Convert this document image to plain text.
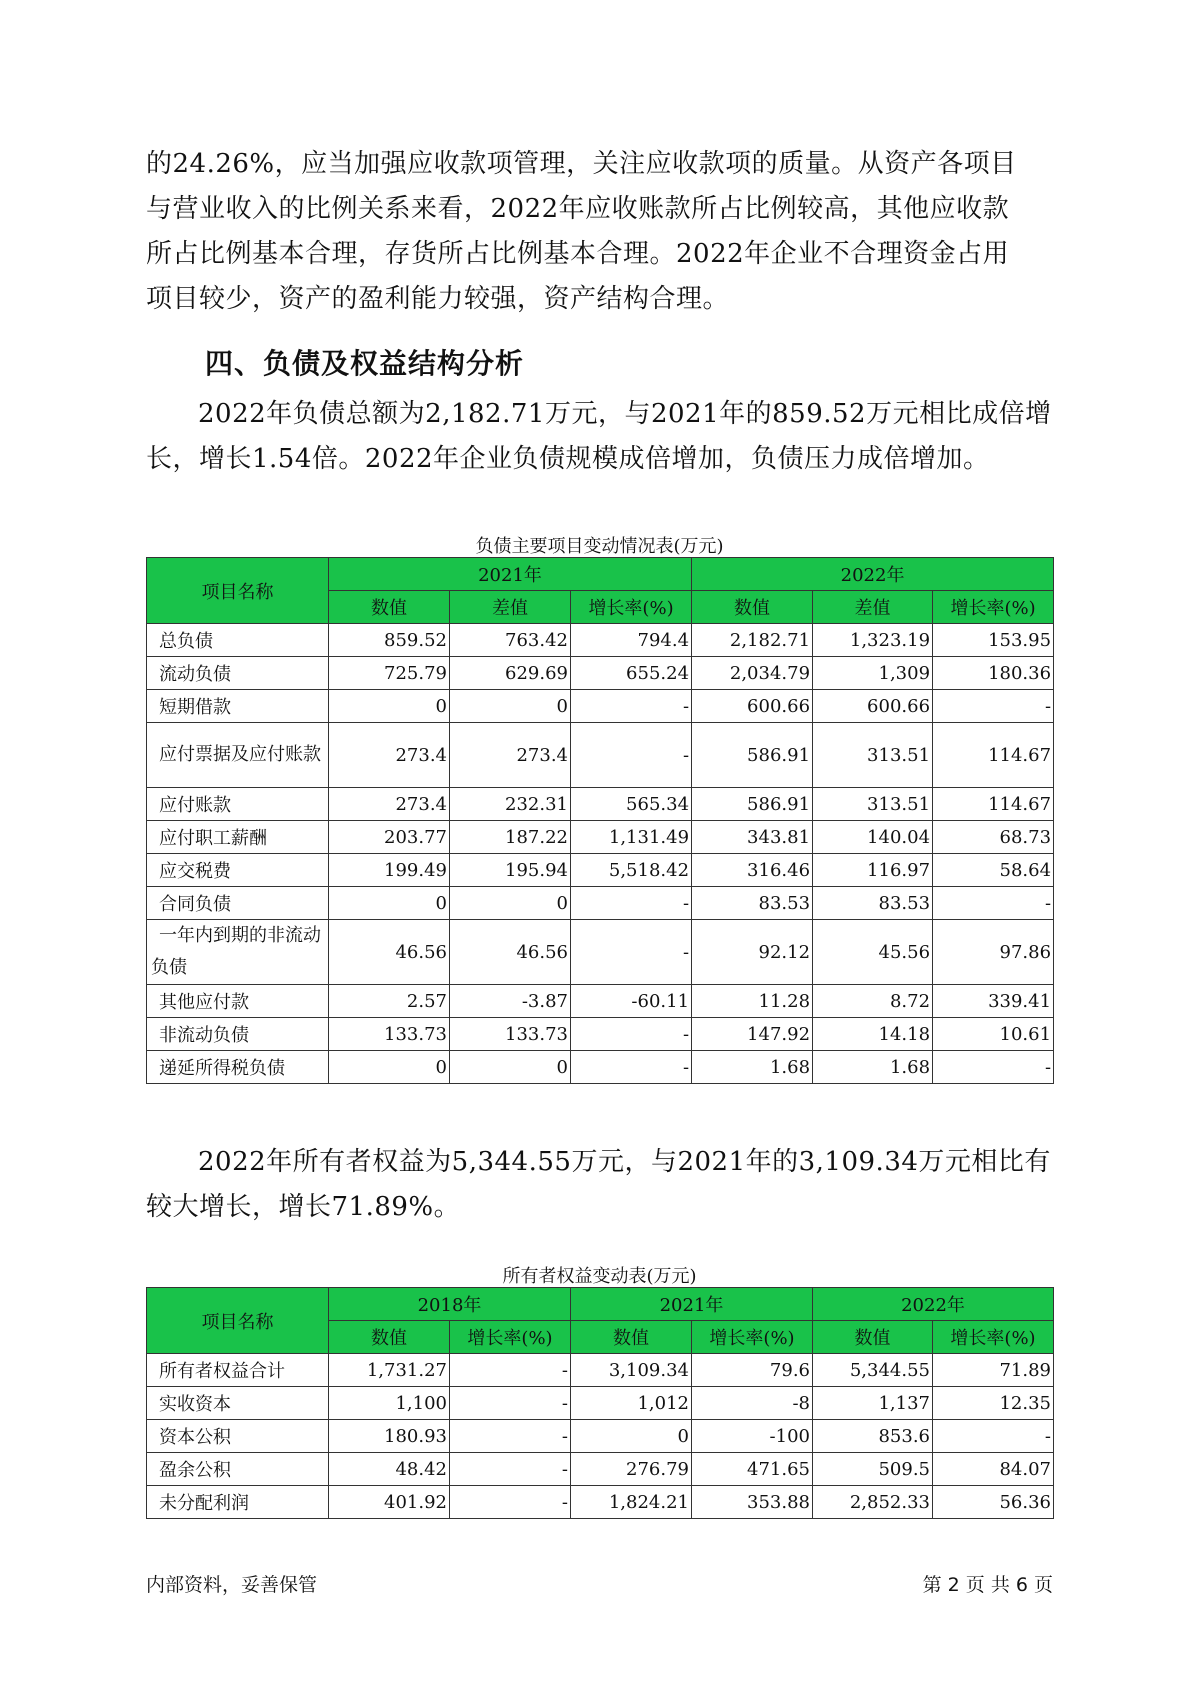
的24.26%，应当加强应收款项管理，关注应收款项的质量。从资产各项目
与营业收入的比例关系来看，2022年应收账款所占比例较高，其他应收款
所占比例基本合理，存货所占比例基本合理。2022年企业不合理资金占用
项目较少，资产的盈利能力较强，资产结构合理。

四、负债及权益结构分析

2022年负债总额为2,182.71万元，与2021年的859.52万元相比成倍增
长，增长1.54倍。2022年企业负债规模成倍增加，负债压力成倍增加。

负债主要项目变动情况表(万元)
项目名称	2021年			2022年		
	数值	差值	增长率(%)	数值	差值	增长率(%)
总负债	859.52	763.42	794.4	2,182.71	1,323.19	153.95
流动负债	725.79	629.69	655.24	2,034.79	1,309	180.36
短期借款	0	0	-	600.66	600.66	-
应付票据及应付账款	273.4	273.4	-	586.91	313.51	114.67
应付账款	273.4	232.31	565.34	586.91	313.51	114.67
应付职工薪酬	203.77	187.22	1,131.49	343.81	140.04	68.73
应交税费	199.49	195.94	5,518.42	316.46	116.97	58.64
合同负债	0	0	-	83.53	83.53	-
一年内到期的非流动负债	46.56	46.56	-	92.12	45.56	97.86
其他应付款	2.57	-3.87	-60.11	11.28	8.72	339.41
非流动负债	133.73	133.73	-	147.92	14.18	10.61
递延所得税负债	0	0	-	1.68	1.68	-

2022年所有者权益为5,344.55万元，与2021年的3,109.34万元相比有
较大增长，增长71.89%。

所有者权益变动表(万元)
项目名称	2018年		2021年		2022年	
	数值	增长率(%)	数值	增长率(%)	数值	增长率(%)
所有者权益合计	1,731.27	-	3,109.34	79.6	5,344.55	71.89
实收资本	1,100	-	1,012	-8	1,137	12.35
资本公积	180.93	-	0	-100	853.6	-
盈余公积	48.42	-	276.79	471.65	509.5	84.07
未分配利润	401.92	-	1,824.21	353.88	2,852.33	56.36
内部资料，妥善保管	第 2 页 共 6 页
